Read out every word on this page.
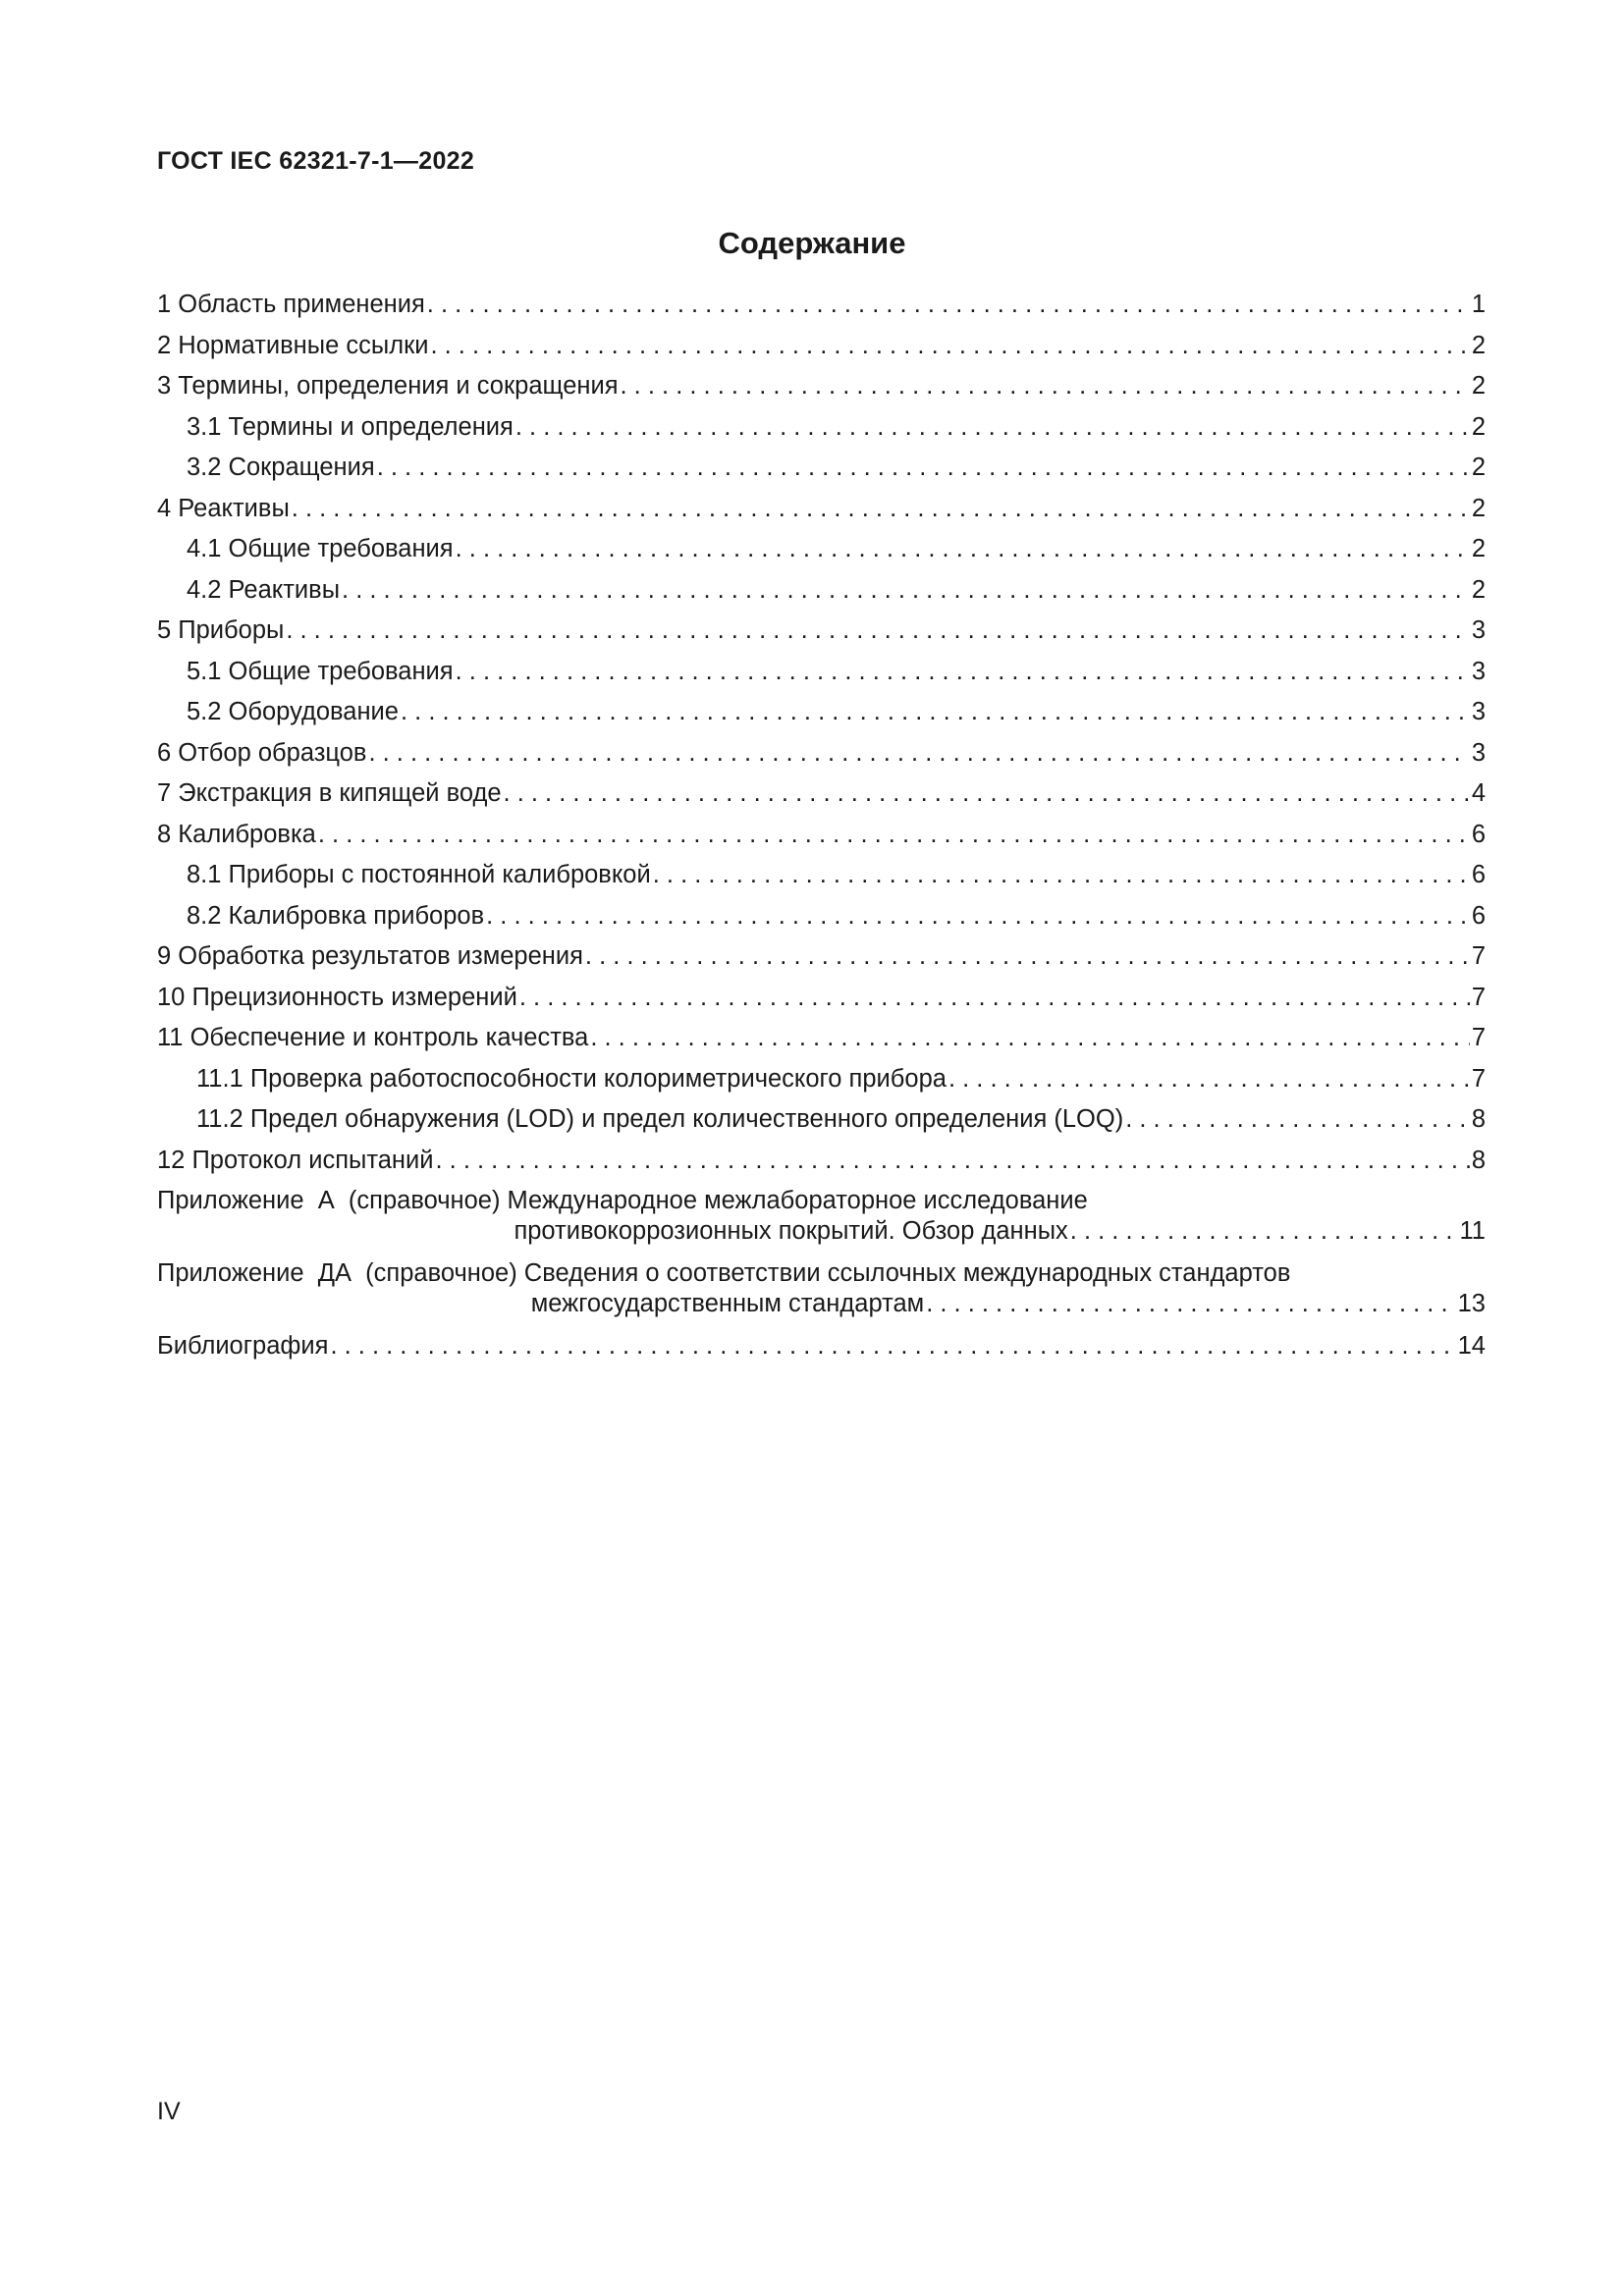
ГОСТ IEC 62321-7-1—2022
Содержание
1 Область применения . . .	1
2 Нормативные ссылки . . .	2
3 Термины, определения и сокращения . . .	2
3.1 Термины и определения . . .	2
3.2 Сокращения . . .	2
4 Реактивы . . .	2
4.1 Общие требования . . .	2
4.2 Реактивы . . .	2
5 Приборы . . .	3
5.1 Общие требования . . .	3
5.2 Оборудование . . .	3
6 Отбор образцов . . .	3
7 Экстракция в кипящей воде . . .	4
8 Калибровка . . .	6
8.1 Приборы с постоянной калибровкой . . .	6
8.2 Калибровка приборов . . .	6
9 Обработка результатов измерения . . .	7
10 Прецизионность измерений . . .	7
11 Обеспечение и контроль качества . . .	7
11.1 Проверка работоспособности колориметрического прибора . . .	7
11.2 Предел обнаружения (LOD) и предел количественного определения (LOQ) . . .	8
12 Протокол испытаний . . .	8
Приложение  А  (справочное) Международное межлабораторное исследование
противокоррозионных покрытий. Обзор данных . . .	11
Приложение  ДА  (справочное) Сведения о соответствии ссылочных международных стандартов
межгосударственным стандартам . . .	13
Библиография . . .	14
IV
